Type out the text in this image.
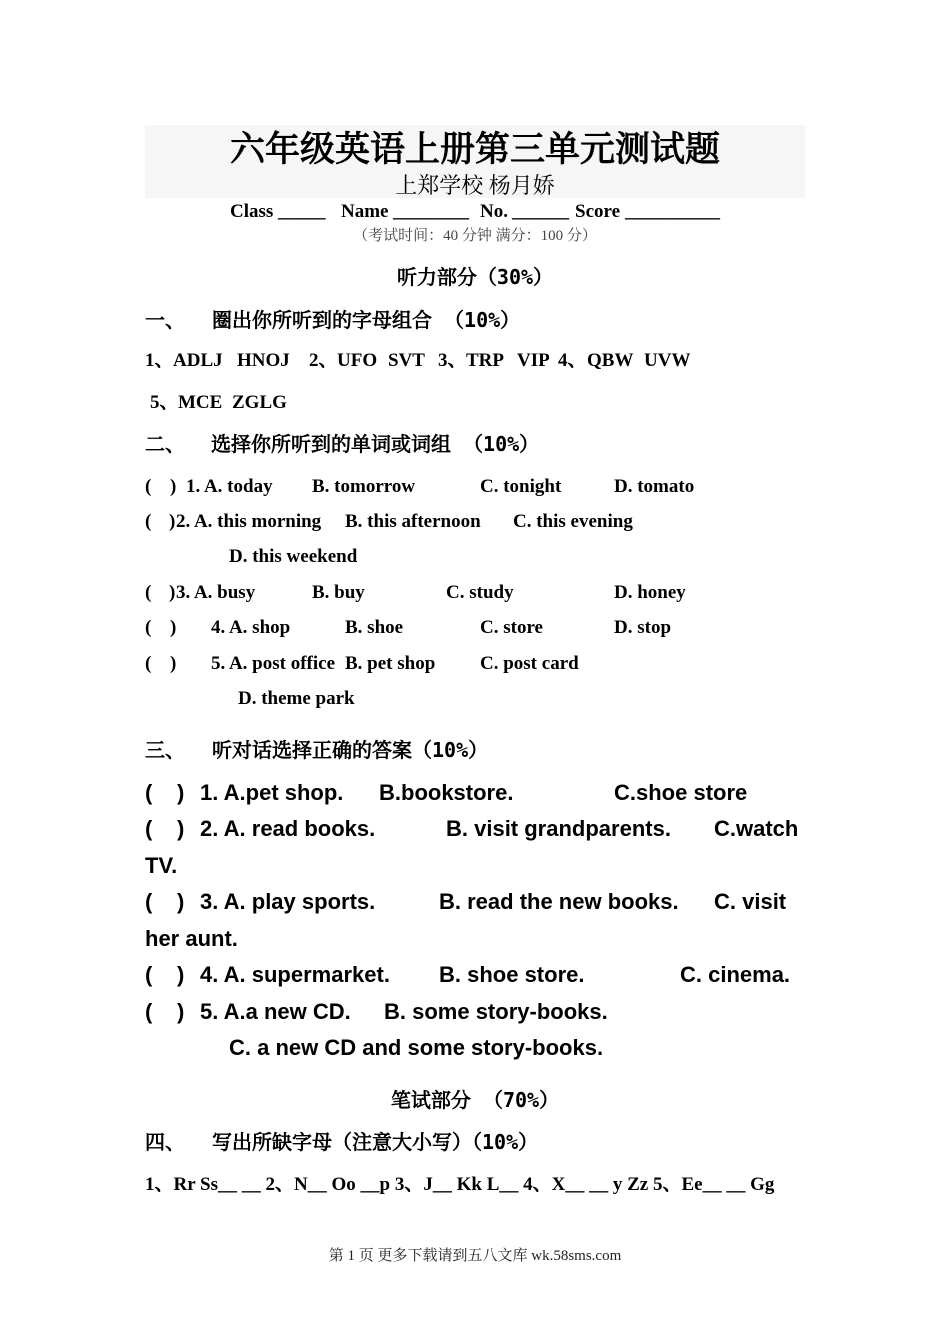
六年级英语上册第三单元测试题
上郑学校 杨月娇
Class _____ Name ________ No. ______ Score __________
（考试时间：40 分钟 满分：100 分）
听力部分（30%）
一、 圈出你所听到的字母组合 （10%）
1、 ADLJ HNOJ 2、 UFO SVT 3、 TRP VIP 4、 QBW UVW
5、 MCE ZGLG
二、 选择你所听到的单词或词组 （10%）
( ) 1. A. today B. tomorrow	C. tonight	D. tomato
( ) 2. A. this morning B. this afternoon C. this evening
D. this weekend
( ) 3. A. busy	B. buy	C. study	D. honey
( ) 4. A. shop	B. shoe	C. store	D. stop
( ) 5. A. post office B. pet shop C. post card
D. theme park
三、 听对话选择正确的答案（10%）
( ) 1. A.pet shop. B.bookstore.	C.shoe store
( ) 2. A. read books.	B. visit grandparents. C.watch
TV.
( ) 3. A. play sports.	B. read the new books. C. visit
her aunt.
( ) 4. A. supermarket. B. shoe store.	C. cinema.
( ) 5. A.a new CD. B. some story-books.
C. a new CD and some story-books.
笔试部分 （70%）
四、 写出所缺字母（注意大小写）（10%）
1、Rr Ss__ __ 2、N__ Oo __p 3、J__ Kk L__ 4、X__ __ y Zz 5、Ee__ __ Gg
第 1 页 更多下载请到五八文库 wk.58sms.com
